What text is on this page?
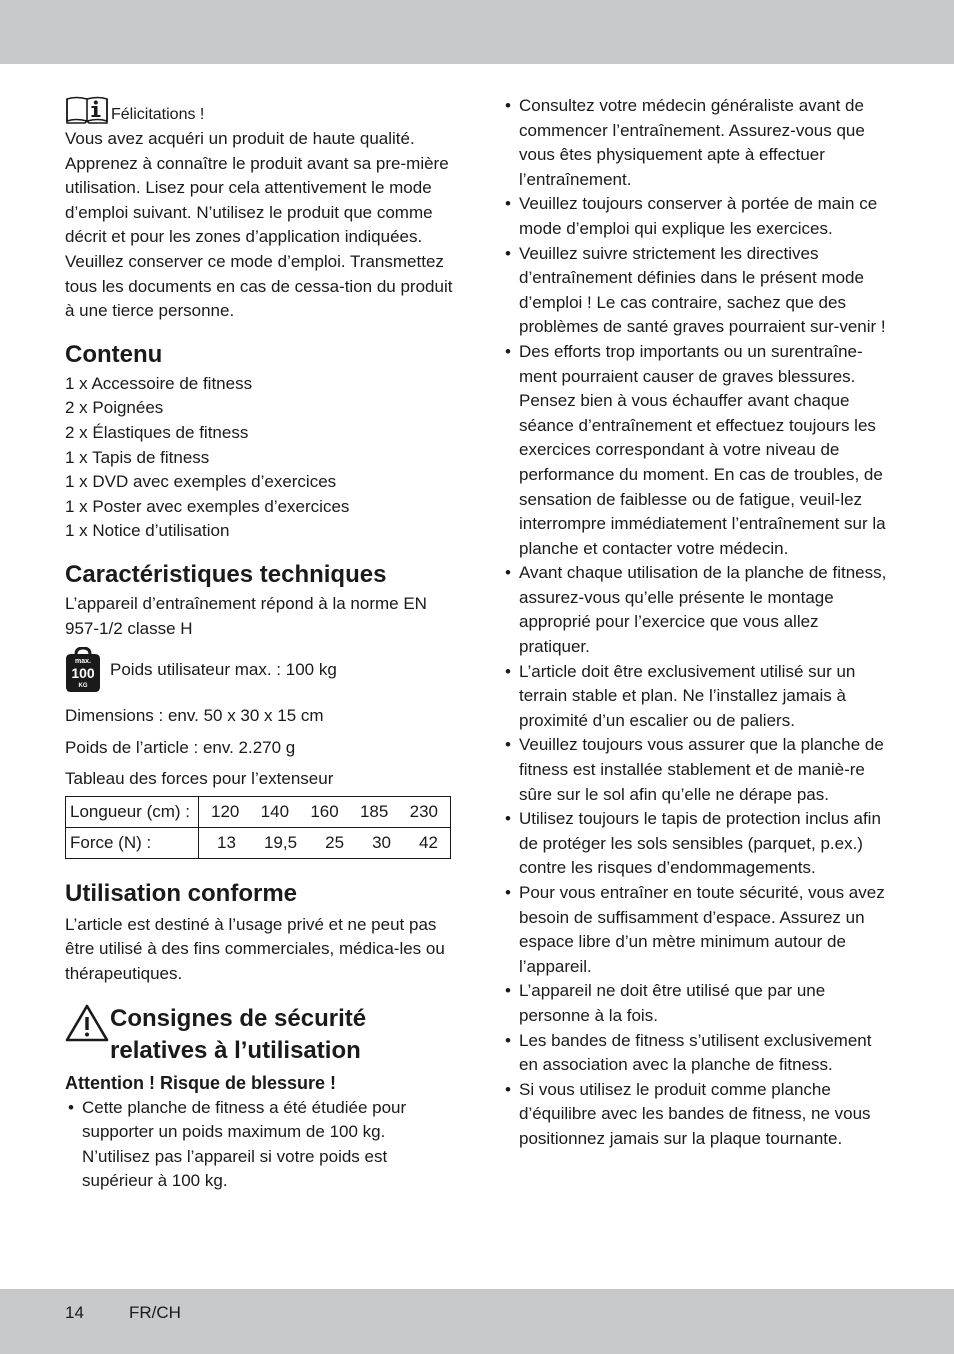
Félicitations !

Vous avez acquéri un produit de haute qualité. Apprenez à connaître le produit avant sa pre-mière utilisation. Lisez pour cela attentivement le mode d’emploi suivant. N’utilisez le produit que comme décrit et pour les zones d’application indiquées. Veuillez conserver ce mode d’emploi. Transmettez tous les documents en cas de cessa-tion du produit à une tierce personne.

Contenu
1 x Accessoire de fitness
2 x Poignées
2 x Élastiques de fitness
1 x Tapis de fitness
1 x DVD avec exemples d’exercices
1 x Poster avec exemples d’exercices
1 x Notice d’utilisation
Caractéristiques techniques

L’appareil d’entraînement répond à la norme EN 957-1/2 classe H

max.
100
KG
Poids utilisateur max. : 100 kg

Dimensions : env. 50 x 30 x 15 cm

Poids de l’article : env. 2.270 g

Tableau des forces pour l’extenseur

Longueur (cm) :	120 140 160 185 230

Force (N) :	13 19,5 25 30 42
Utilisation conforme

L’article est destiné à l’usage privé et ne peut pas être utilisé à des fins commerciales, médica-les ou thérapeutiques.

Consignes de sécurité
relatives à l’utilisation

Attention ! Risque de blessure !

• Cette planche de fitness a été étudiée pour supporter un poids maximum de 100 kg. N’utilisez pas l’appareil si votre poids est supérieur à 100 kg.
• Consultez votre médecin généraliste avant de commencer l’entraînement. Assurez-vous que vous êtes physiquement apte à effectuer l’entraînement.
• Veuillez toujours conserver à portée de main ce mode d’emploi qui explique les exercices.
• Veuillez suivre strictement les directives d’entraînement définies dans le présent mode d’emploi ! Le cas contraire, sachez que des problèmes de santé graves pourraient sur-venir !
• Des efforts trop importants ou un surentraîne-ment pourraient causer de graves blessures. Pensez bien à vous échauffer avant chaque séance d’entraînement et effectuez toujours les exercices correspondant à votre niveau de performance du moment. En cas de troubles, de sensation de faiblesse ou de fatigue, veuil-lez interrompre immédiatement l’entraînement sur la planche et contacter votre médecin.
• Avant chaque utilisation de la planche de fitness, assurez-vous qu’elle présente le montage approprié pour l’exercice que vous allez pratiquer.
• L’article doit être exclusivement utilisé sur un terrain stable et plan. Ne l’installez jamais à proximité d’un escalier ou de paliers.
• Veuillez toujours vous assurer que la planche de fitness est installée stablement et de maniè-re sûre sur le sol afin qu’elle ne dérape pas.
• Utilisez toujours le tapis de protection inclus afin de protéger les sols sensibles (parquet, p.ex.) contre les risques d’endommagements.
• Pour vous entraîner en toute sécurité, vous avez besoin de suffisamment d’espace. Assurez un espace libre d’un mètre minimum autour de l’appareil.
• L’appareil ne doit être utilisé que par une personne à la fois.
• Les bandes de fitness s’utilisent exclusivement en association avec la planche de fitness.
• Si vous utilisez le produit comme planche d’équilibre avec les bandes de fitness, ne vous positionnez jamais sur la plaque tournante.
14	FR/CH
